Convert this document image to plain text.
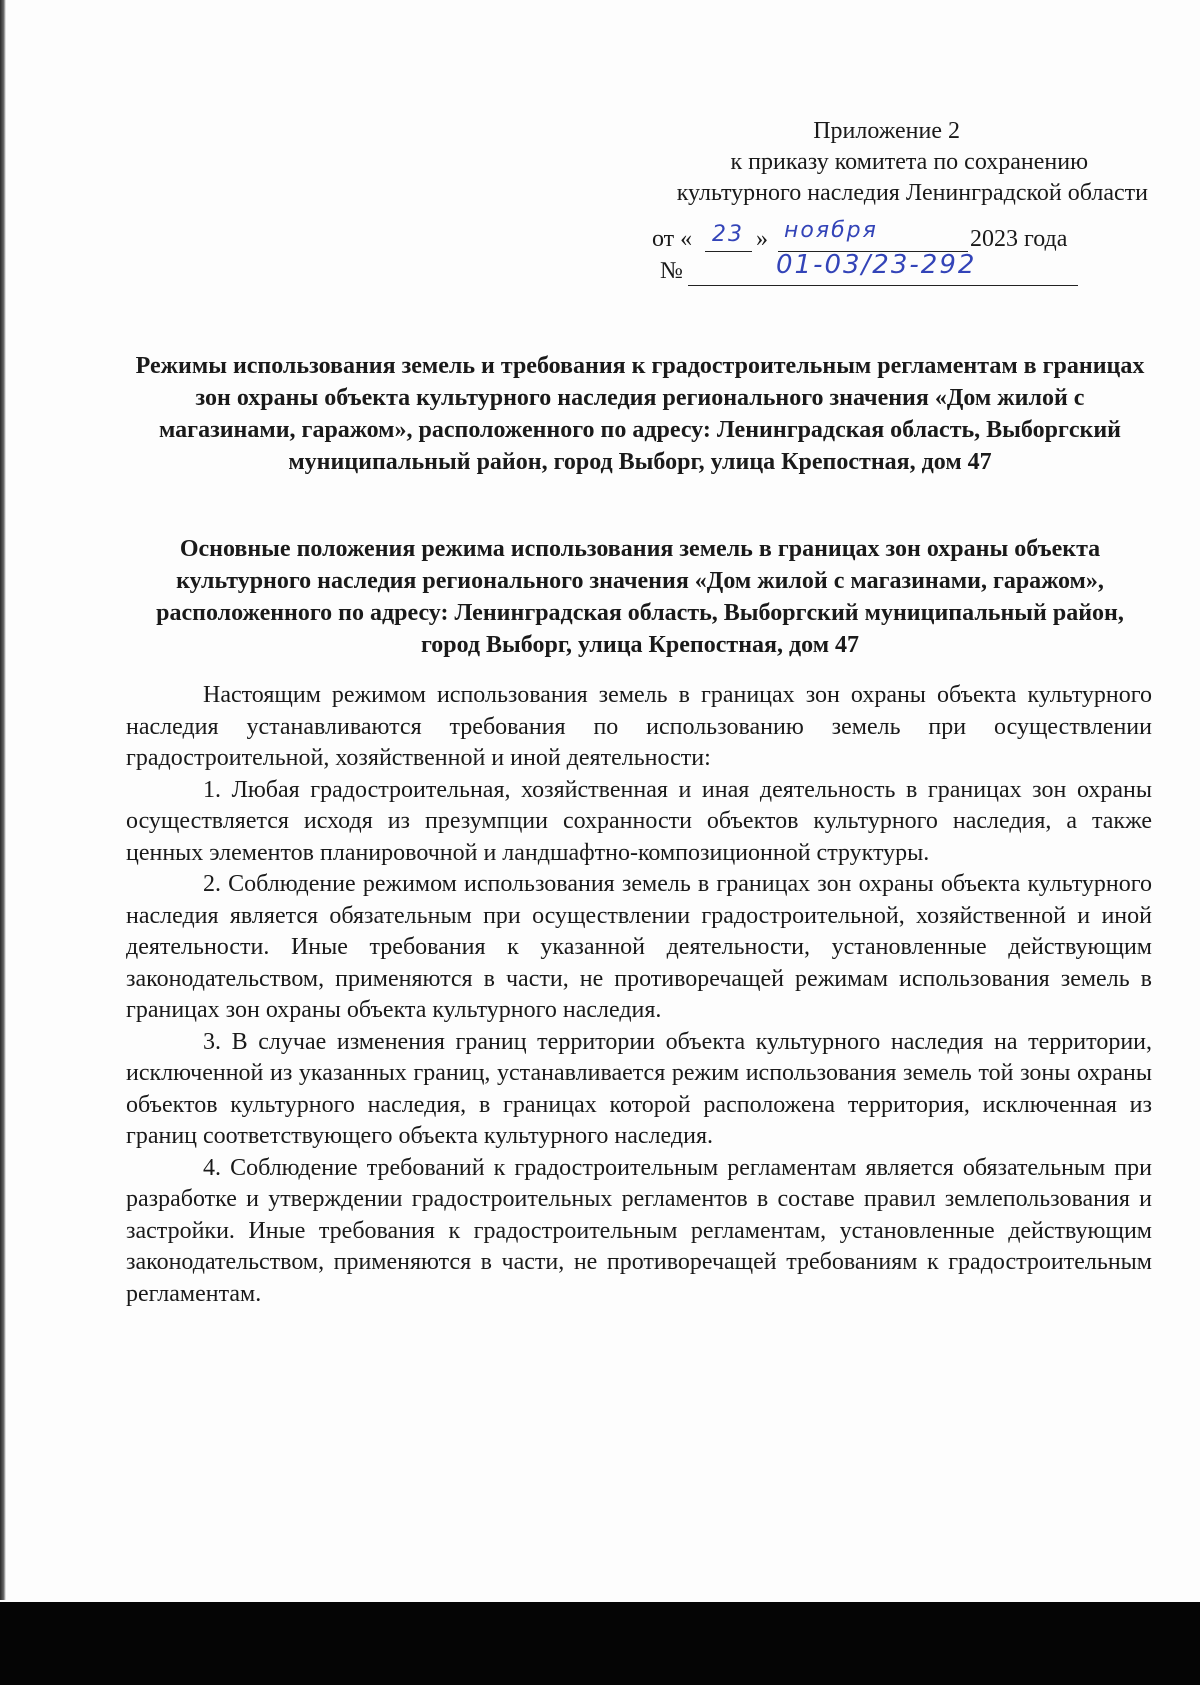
Приложение 2
к приказу комитета по сохранению
культурного наследия Ленинградской области
от « 23 » ноября	2023 года
№	01-03/23-292
Режимы использования земель и требования к градостроительным регламентам в границах зон охраны объекта культурного наследия регионального значения «Дом жилой с магазинами, гаражом», расположенного по адресу: Ленинградская область, Выборгский муниципальный район, город Выборг, улица Крепостная, дом 47
Основные положения режима использования земель в границах зон охраны объекта культурного наследия регионального значения «Дом жилой с магазинами, гаражом», расположенного по адресу: Ленинградская область, Выборгский муниципальный район, город Выборг, улица Крепостная, дом 47

Настоящим режимом использования земель в границах зон охраны объекта культурного наследия устанавливаются требования по использованию земель при осуществлении градостроительной, хозяйственной и иной деятельности:

1. Любая градостроительная, хозяйственная и иная деятельность в границах зон охраны осуществляется исходя из презумпции сохранности объектов культурного наследия, а также ценных элементов планировочной и ландшафтно-композиционной структуры.

2. Соблюдение режимом использования земель в границах зон охраны объекта культурного наследия является обязательным при осуществлении градостроительной, хозяйственной и иной деятельности. Иные требования к указанной деятельности, установленные действующим законодательством, применяются в части, не противоречащей режимам использования земель в границах зон охраны объекта культурного наследия.

3. В случае изменения границ территории объекта культурного наследия на территории, исключенной из указанных границ, устанавливается режим использования земель той зоны охраны объектов культурного наследия, в границах которой расположена территория, исключенная из границ соответствующего объекта культурного наследия.

4. Соблюдение требований к градостроительным регламентам является обязательным при разработке и утверждении градостроительных регламентов в составе правил землепользования и застройки. Иные требования к градостроительным регламентам, установленные действующим законодательством, применяются в части, не противоречащей требованиям к градостроительным регламентам.
